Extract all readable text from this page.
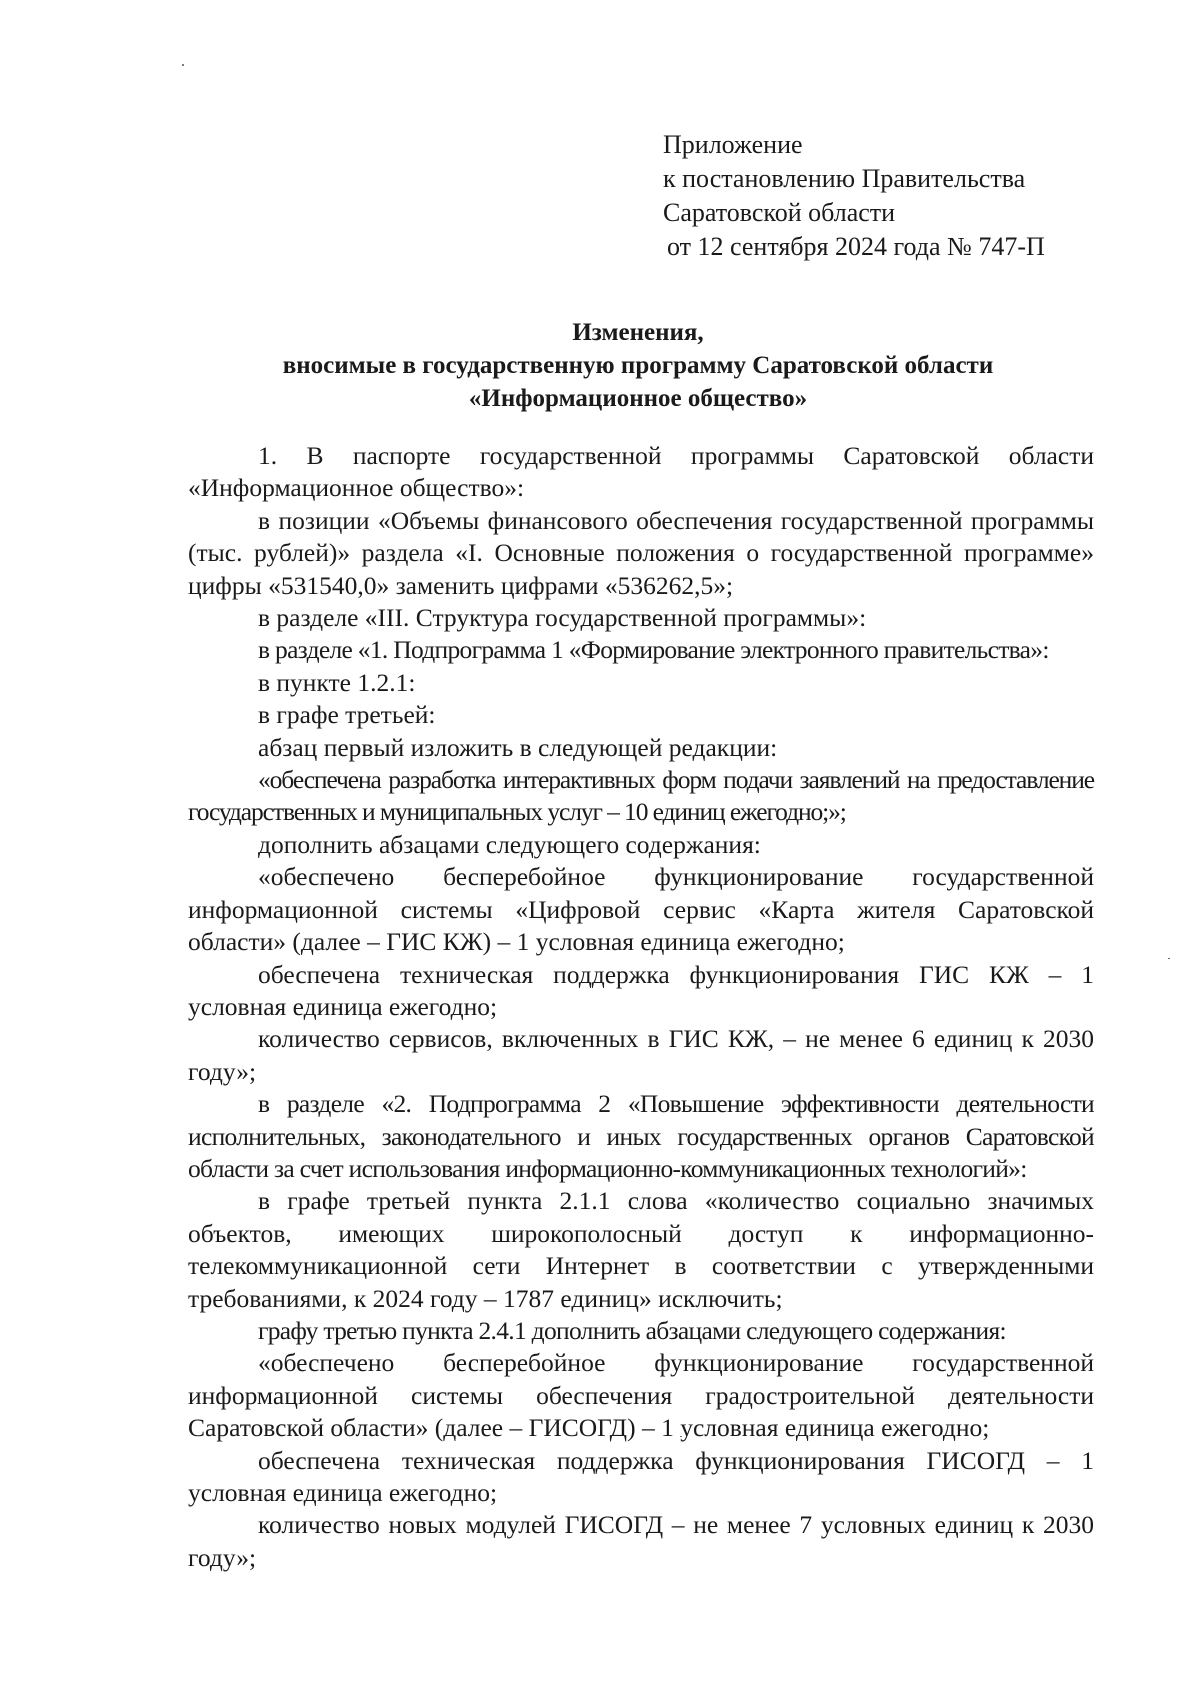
Приложение
к постановлению Правительства
Саратовской области
от 12 сентября 2024 года № 747-П
Изменения,
вносимые в государственную программу Саратовской области
«Информационное общество»

1. В паспорте государственной программы Саратовской области «Информационное общество»:

в позиции «Объемы финансового обеспечения государственной программы (тыс. рублей)» раздела «I. Основные положения о государственной программе» цифры «531540,0» заменить цифрами «536262,5»;

в разделе «III. Структура государственной программы»:

в разделе «1. Подпрограмма 1 «Формирование электронного правительства»:

в пункте 1.2.1:

в графе третьей:

абзац первый изложить в следующей редакции:

«обеспечена разработка интерактивных форм подачи заявлений на предоставление государственных и муниципальных услуг – 10 единиц ежегодно;»;

дополнить абзацами следующего содержания:

«обеспечено бесперебойное функционирование государственной информационной системы «Цифровой сервис «Карта жителя Саратовской области» (далее – ГИС КЖ) – 1 условная единица ежегодно;

обеспечена техническая поддержка функционирования ГИС КЖ – 1 условная единица ежегодно;

количество сервисов, включенных в ГИС КЖ, – не менее 6 единиц к 2030 году»;

в разделе «2. Подпрограмма 2 «Повышение эффективности деятельности исполнительных, законодательного и иных государственных органов Саратовской области за счет использования информационно-коммуникационных технологий»:

в графе третьей пункта 2.1.1 слова «количество социально значимых объектов, имеющих широкополосный доступ к информационно-телекоммуникационной сети Интернет в соответствии с утвержденными требованиями, к 2024 году – 1787 единиц» исключить;

графу третью пункта 2.4.1 дополнить абзацами следующего содержания:

«обеспечено бесперебойное функционирование государственной информационной системы обеспечения градостроительной деятельности Саратовской области» (далее – ГИСОГД) – 1 условная единица ежегодно;

обеспечена техническая поддержка функционирования ГИСОГД – 1 условная единица ежегодно;

количество новых модулей ГИСОГД – не менее 7 условных единиц к 2030 году»;
